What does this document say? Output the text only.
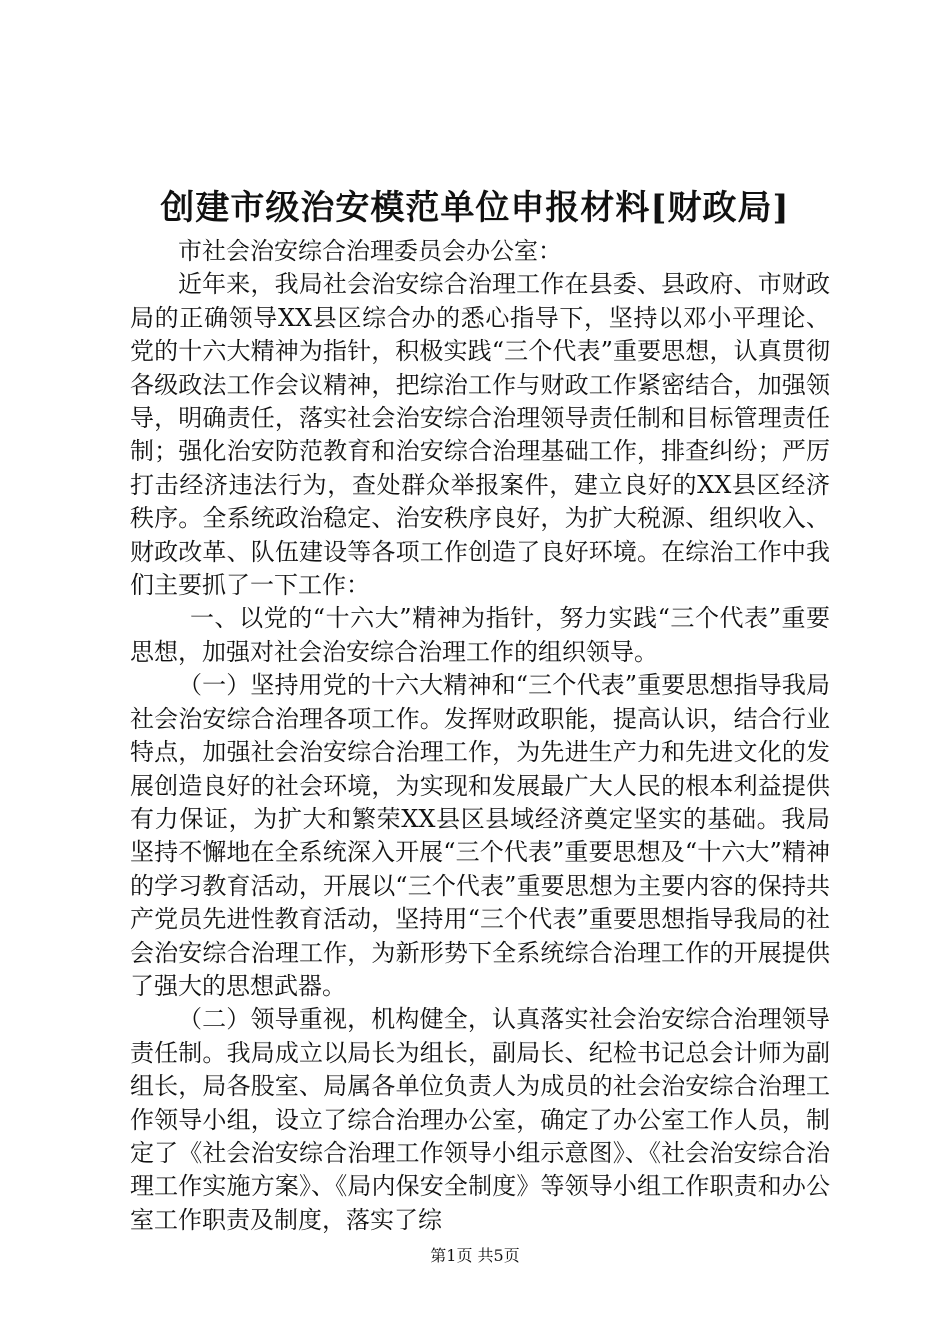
创建市级治安模范单位申报材料[财政局]

市社会治安综合治理委员会办公室：

近年来，我局社会治安综合治理工作在县委、县政府、市财政局的正确领导XX县区综合办的悉心指导下，坚持以邓小平理论、党的十六大精神为指针，积极实践“三个代表”重要思想，认真贯彻各级政法工作会议精神，把综治工作与财政工作紧密结合，加强领导，明确责任，落实社会治安综合治理领导责任制和目标管理责任制；强化治安防范教育和治安综合治理基础工作，排查纠纷；严厉打击经济违法行为，查处群众举报案件，建立良好的XX县区经济秩序。全系统政治稳定、治安秩序良好，为扩大税源、组织收入、财政改革、队伍建设等各项工作创造了良好环境。在综治工作中我们主要抓了一下工作：

一、以党的“十六大”精神为指针，努力实践“三个代表”重要思想，加强对社会治安综合治理工作的组织领导。

（一）坚持用党的十六大精神和“三个代表”重要思想指导我局社会治安综合治理各项工作。发挥财政职能，提高认识，结合行业特点，加强社会治安综合治理工作，为先进生产力和先进文化的发展创造良好的社会环境，为实现和发展最广大人民的根本利益提供有力保证，为扩大和繁荣XX县区县域经济奠定坚实的基础。我局坚持不懈地在全系统深入开展“三个代表”重要思想及“十六大”精神的学习教育活动，开展以“三个代表”重要思想为主要内容的保持共产党员先进性教育活动，坚持用“三个代表”重要思想指导我局的社会治安综合治理工作，为新形势下全系统综合治理工作的开展提供了强大的思想武器。

（二）领导重视，机构健全，认真落实社会治安综合治理领导责任制。我局成立以局长为组长，副局长、纪检书记总会计师为副组长，局各股室、局属各单位负责人为成员的社会治安综合治理工作领导小组，设立了综合治理办公室，确定了办公室工作人员，制定了《社会治安综合治理工作领导小组示意图》、《社会治安综合治理工作实施方案》、《局内保安全制度》等领导小组工作职责和办公室工作职责及制度，落实了综

第1页 共5页
